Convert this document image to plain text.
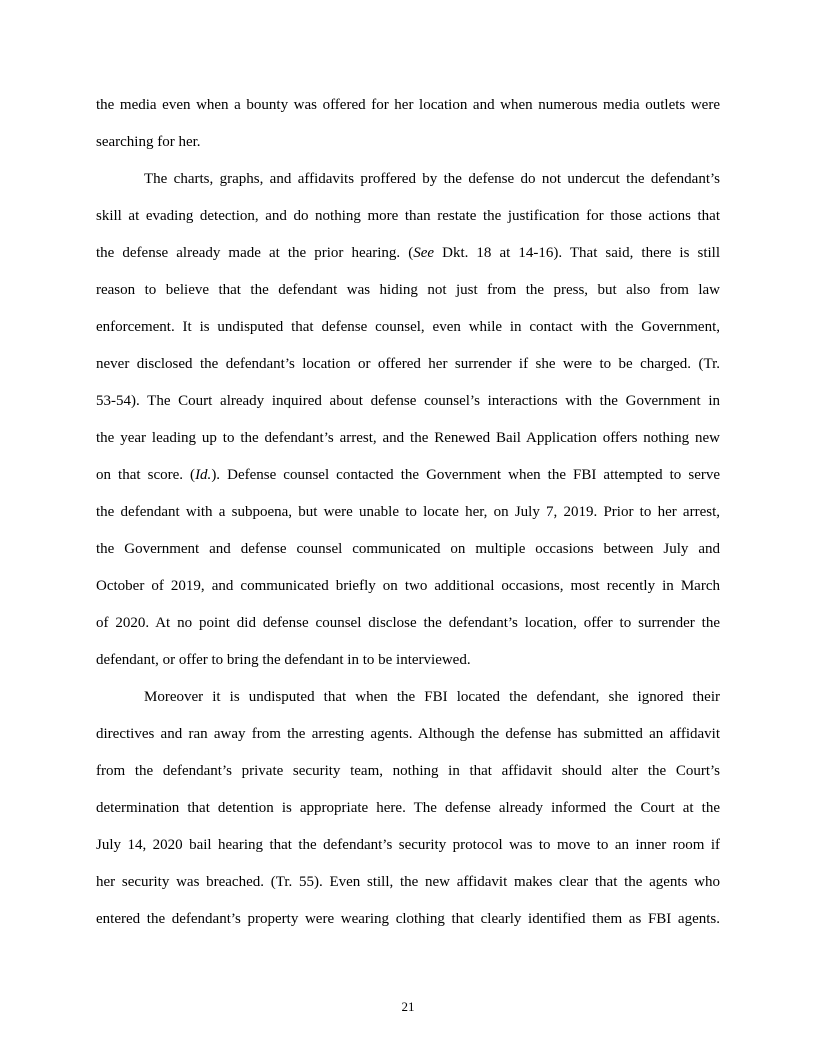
the media even when a bounty was offered for her location and when numerous media outlets were
searching for her.
The charts, graphs, and affidavits proffered by the defense do not undercut the defendant’s
skill at evading detection, and do nothing more than restate the justification for those actions that
the defense already made at the prior hearing. (See Dkt. 18 at 14-16). That said, there is still
reason to believe that the defendant was hiding not just from the press, but also from law
enforcement. It is undisputed that defense counsel, even while in contact with the Government,
never disclosed the defendant’s location or offered her surrender if she were to be charged. (Tr.
53-54). The Court already inquired about defense counsel’s interactions with the Government in
the year leading up to the defendant’s arrest, and the Renewed Bail Application offers nothing new
on that score. (Id.). Defense counsel contacted the Government when the FBI attempted to serve
the defendant with a subpoena, but were unable to locate her, on July 7, 2019. Prior to her arrest,
the Government and defense counsel communicated on multiple occasions between July and
October of 2019, and communicated briefly on two additional occasions, most recently in March
of 2020. At no point did defense counsel disclose the defendant’s location, offer to surrender the
defendant, or offer to bring the defendant in to be interviewed.
Moreover it is undisputed that when the FBI located the defendant, she ignored their
directives and ran away from the arresting agents. Although the defense has submitted an affidavit
from the defendant’s private security team, nothing in that affidavit should alter the Court’s
determination that detention is appropriate here. The defense already informed the Court at the
July 14, 2020 bail hearing that the defendant’s security protocol was to move to an inner room if
her security was breached. (Tr. 55). Even still, the new affidavit makes clear that the agents who
entered the defendant’s property were wearing clothing that clearly identified them as FBI agents.
21
